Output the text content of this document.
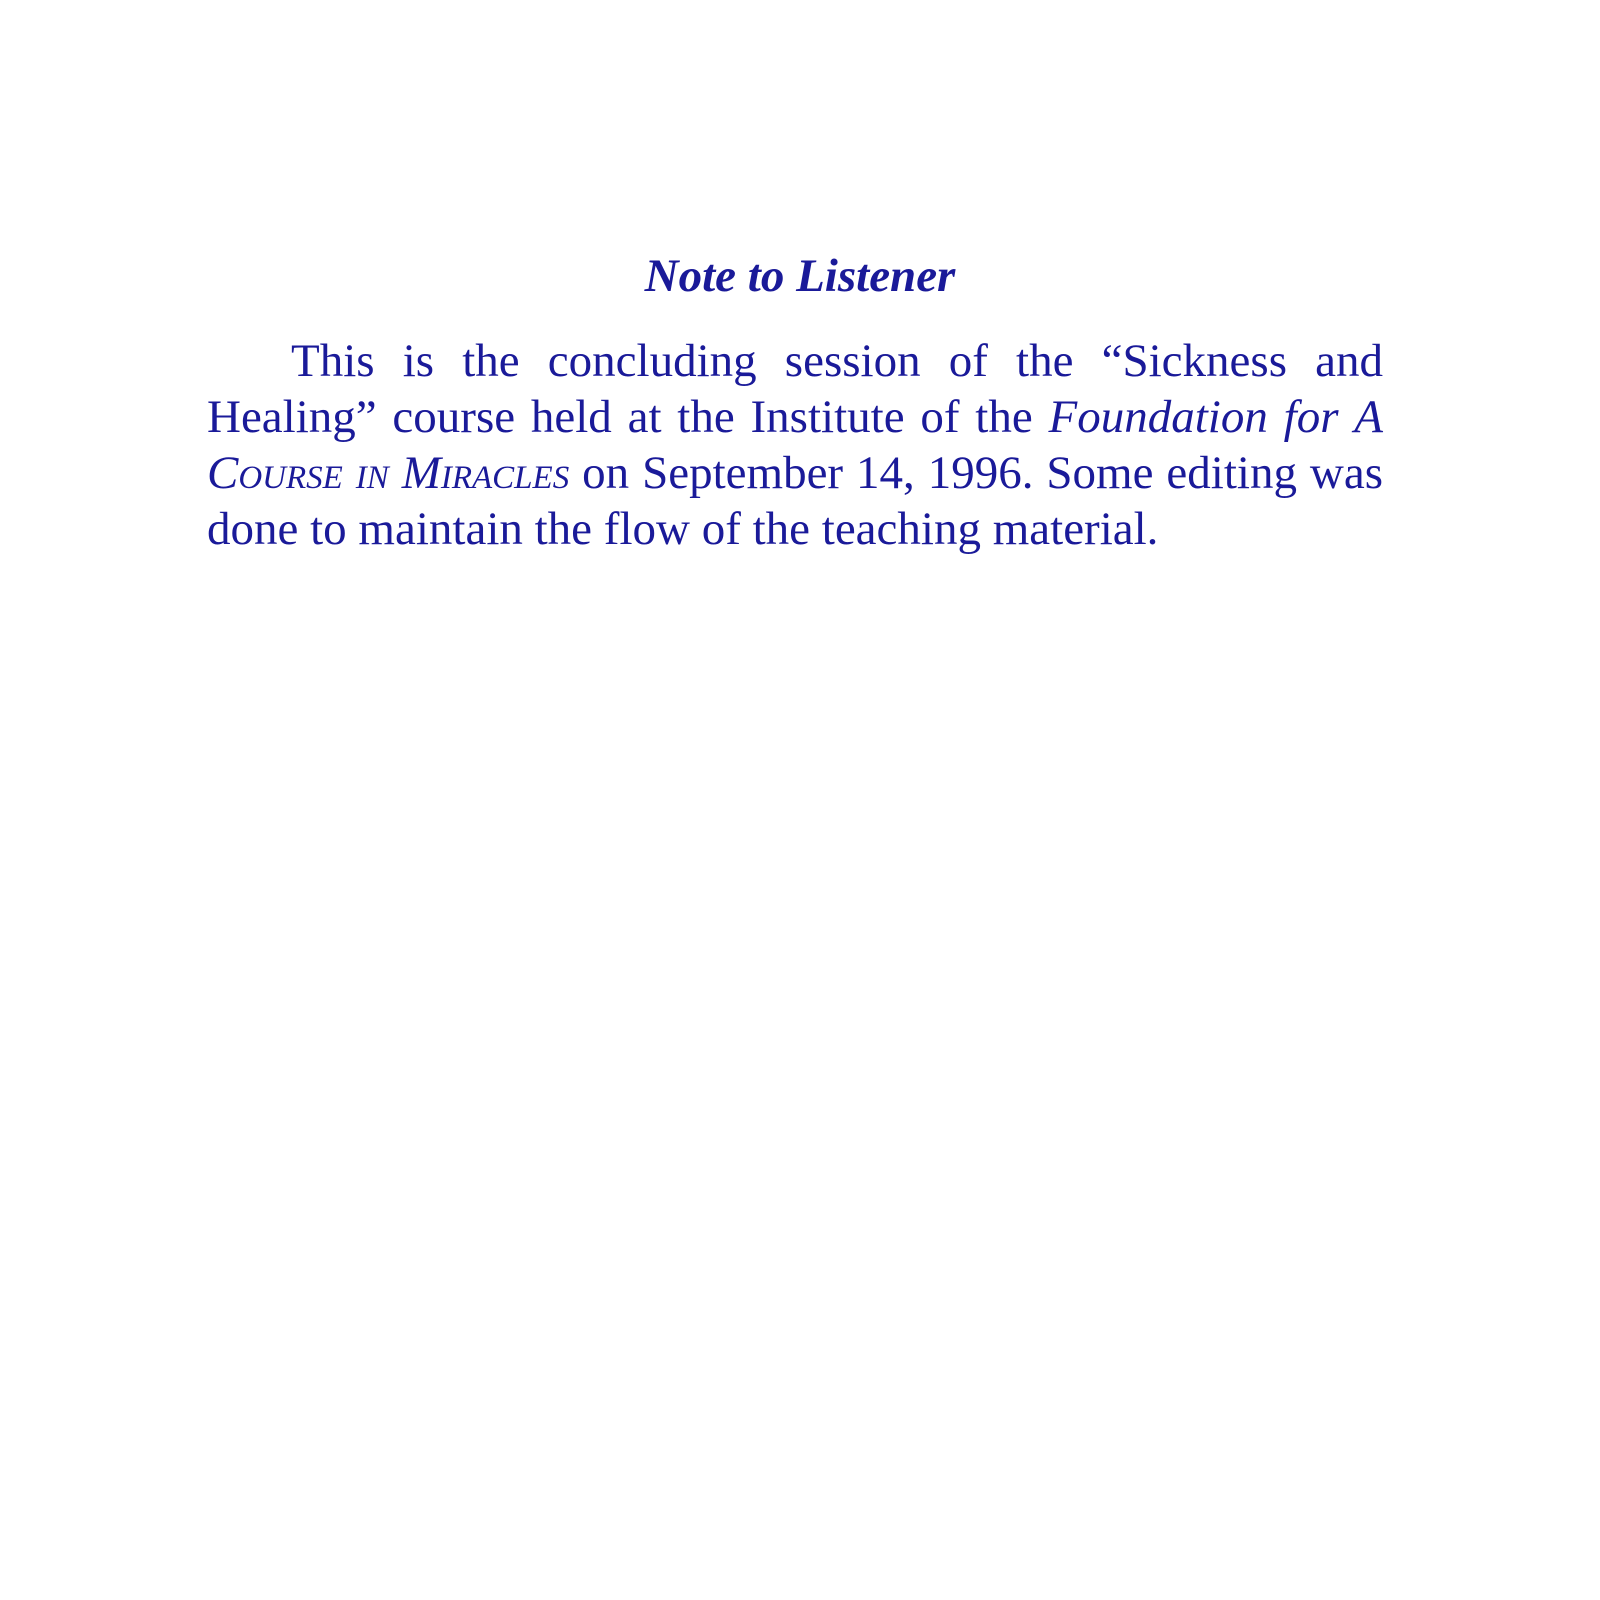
Note to Listener

This is the concluding session of the “Sickness and Healing” course held at the Institute of the Foundation for A Course in Miracles on September 14, 1996. Some editing was done to maintain the flow of the teaching material.
